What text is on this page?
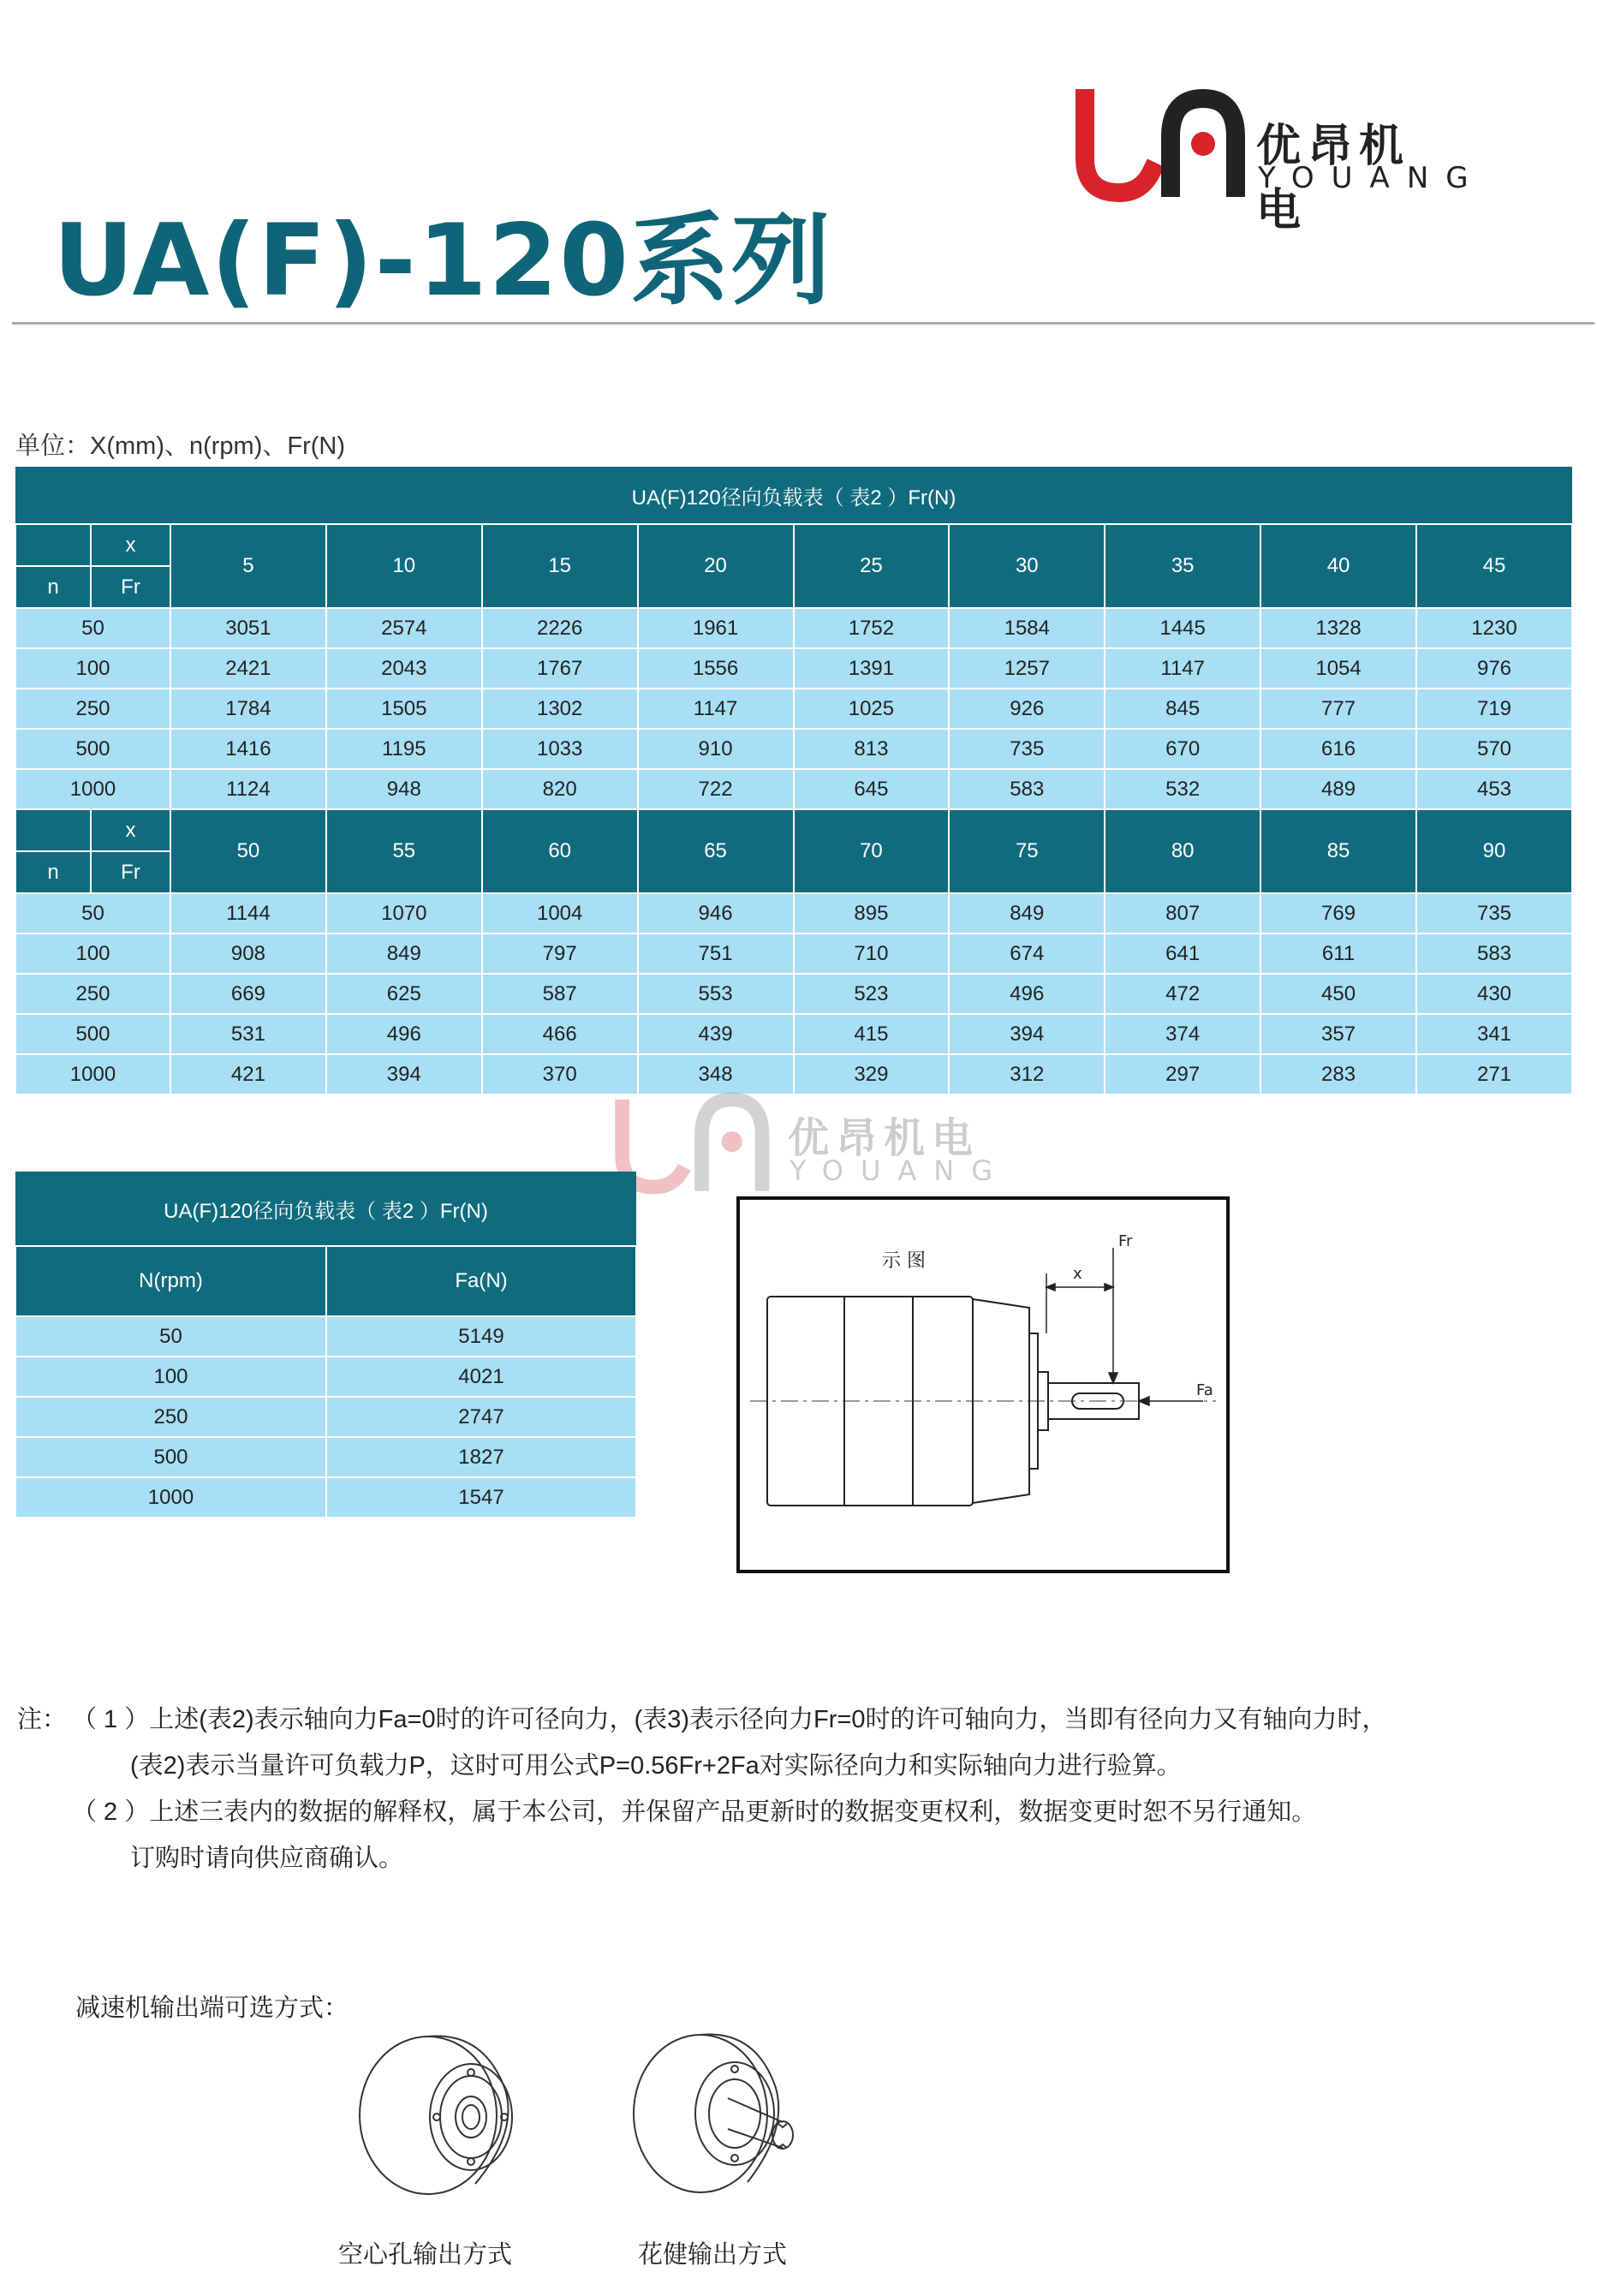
优昂机电
YOUANG
UA(F)-120系列
单位：X(mm)、n(rpm)、Fr(N)
UA(F)120径向负载表（ 表2 ）Fr(N)										
	x	5	10	15	20	25	30	35	40	45
n	Fr									
50		3051	2574	2226	1961	1752	1584	1445	1328	1230
100		2421	2043	1767	1556	1391	1257	1147	1054	976
250		1784	1505	1302	1147	1025	926	845	777	719
500		1416	1195	1033	910	813	735	670	616	570
1000		1124	948	820	722	645	583	532	489	453
	x	50	55	60	65	70	75	80	85	90
n	Fr									
50		1144	1070	1004	946	895	849	807	769	735
100		908	849	797	751	710	674	641	611	583
250		669	625	587	553	523	496	472	450	430
500		531	496	466	439	415	394	374	357	341
1000		421	394	370	348	329	312	297	283	271
优昂机电
YOUANG
UA(F)120径向负载表（ 表2 ）Fr(N)	
N(rpm)	Fa(N)
50	5149
100	4021
250	2747
500	1827
1000	1547
示 图
x
Fr
Fa
注： （ 1 ）上述(表2)表示轴向力Fa=0时的许可径向力，(表3)表示径向力Fr=0时的许可轴向力，当即有径向力又有轴向力时，
(表2)表示当量许可负载力P，这时可用公式P=0.56Fr+2Fa对实际径向力和实际轴向力进行验算。
（ 2 ）上述三表内的数据的解释权，属于本公司，并保留产品更新时的数据变更权利，数据变更时恕不另行通知。
订购时请向供应商确认。
减速机输出端可选方式：
空心孔输出方式	花健输出方式
